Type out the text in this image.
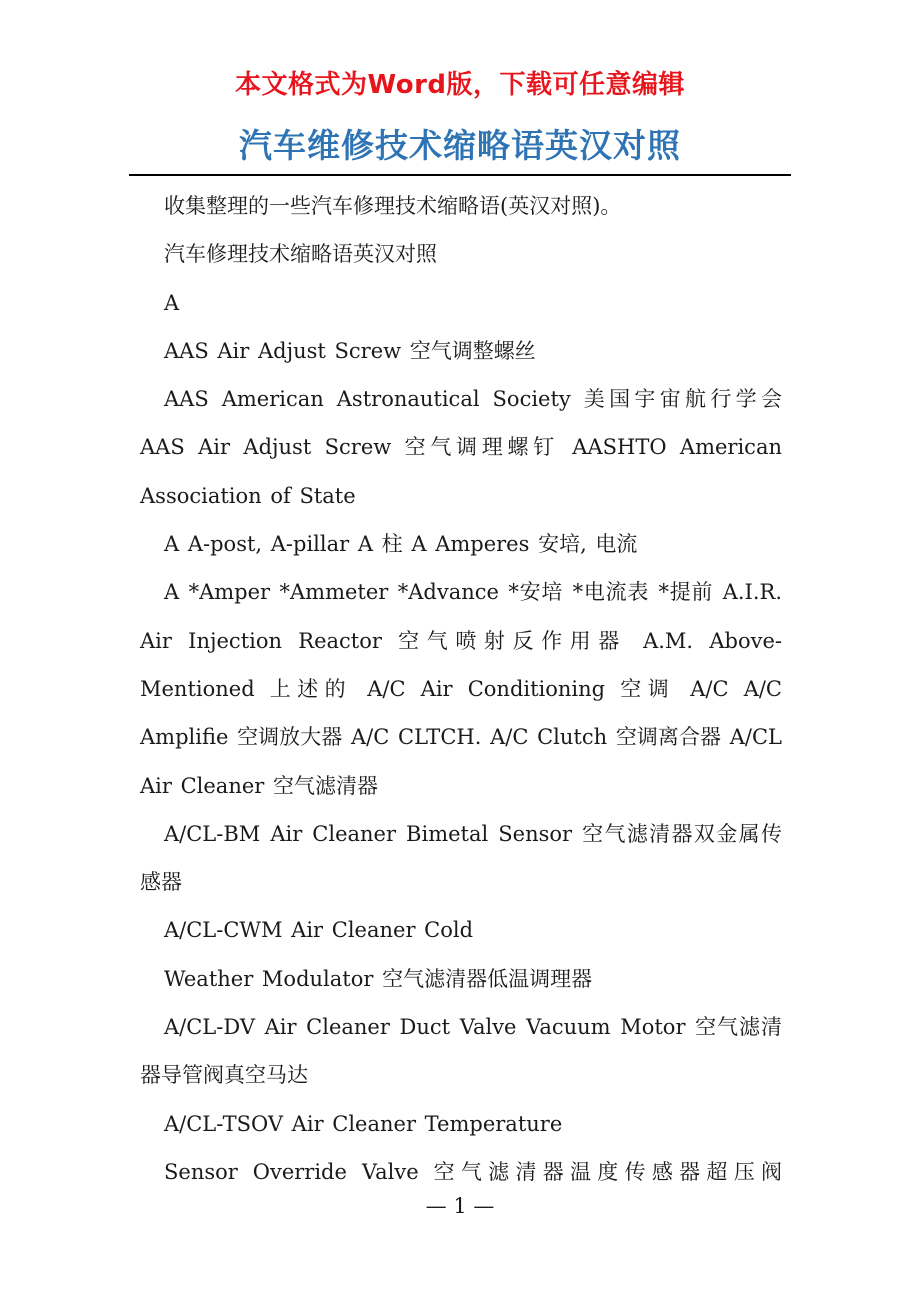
本文格式为Word版，下载可任意编辑
汽车维修技术缩略语英汉对照

收集整理的一些汽车修理技术缩略语(英汉对照)。

汽车修理技术缩略语英汉对照

A

AAS Air Adjust Screw 空气调整螺丝

AAS American Astronautical Society 美国宇宙航行学会 AAS Air Adjust Screw 空气调理螺钉 AASHTO American Association of State

A A-post, A-pillar A 柱 A Amperes 安培, 电流

A *Amper *Ammeter *Advance *安培 *电流表 *提前 A.I.R. Air Injection Reactor 空气喷射反作用器 A.M. Above-Mentioned 上述的 A/C Air Conditioning 空调 A/C A/C Amplifie 空调放大器 A/C CLTCH. A/C Clutch 空调离合器 A/CL Air Cleaner 空气滤清器

A/CL-BM Air Cleaner Bimetal Sensor 空气滤清器双金属传感器

A/CL-CWM Air Cleaner Cold

Weather Modulator 空气滤清器低温调理器

A/CL-DV Air Cleaner Duct Valve Vacuum Motor 空气滤清器导管阀真空马达

A/CL-TSOV Air Cleaner Temperature

Sensor Override Valve 空气滤清器温度传感器超压阀

— 1 —
